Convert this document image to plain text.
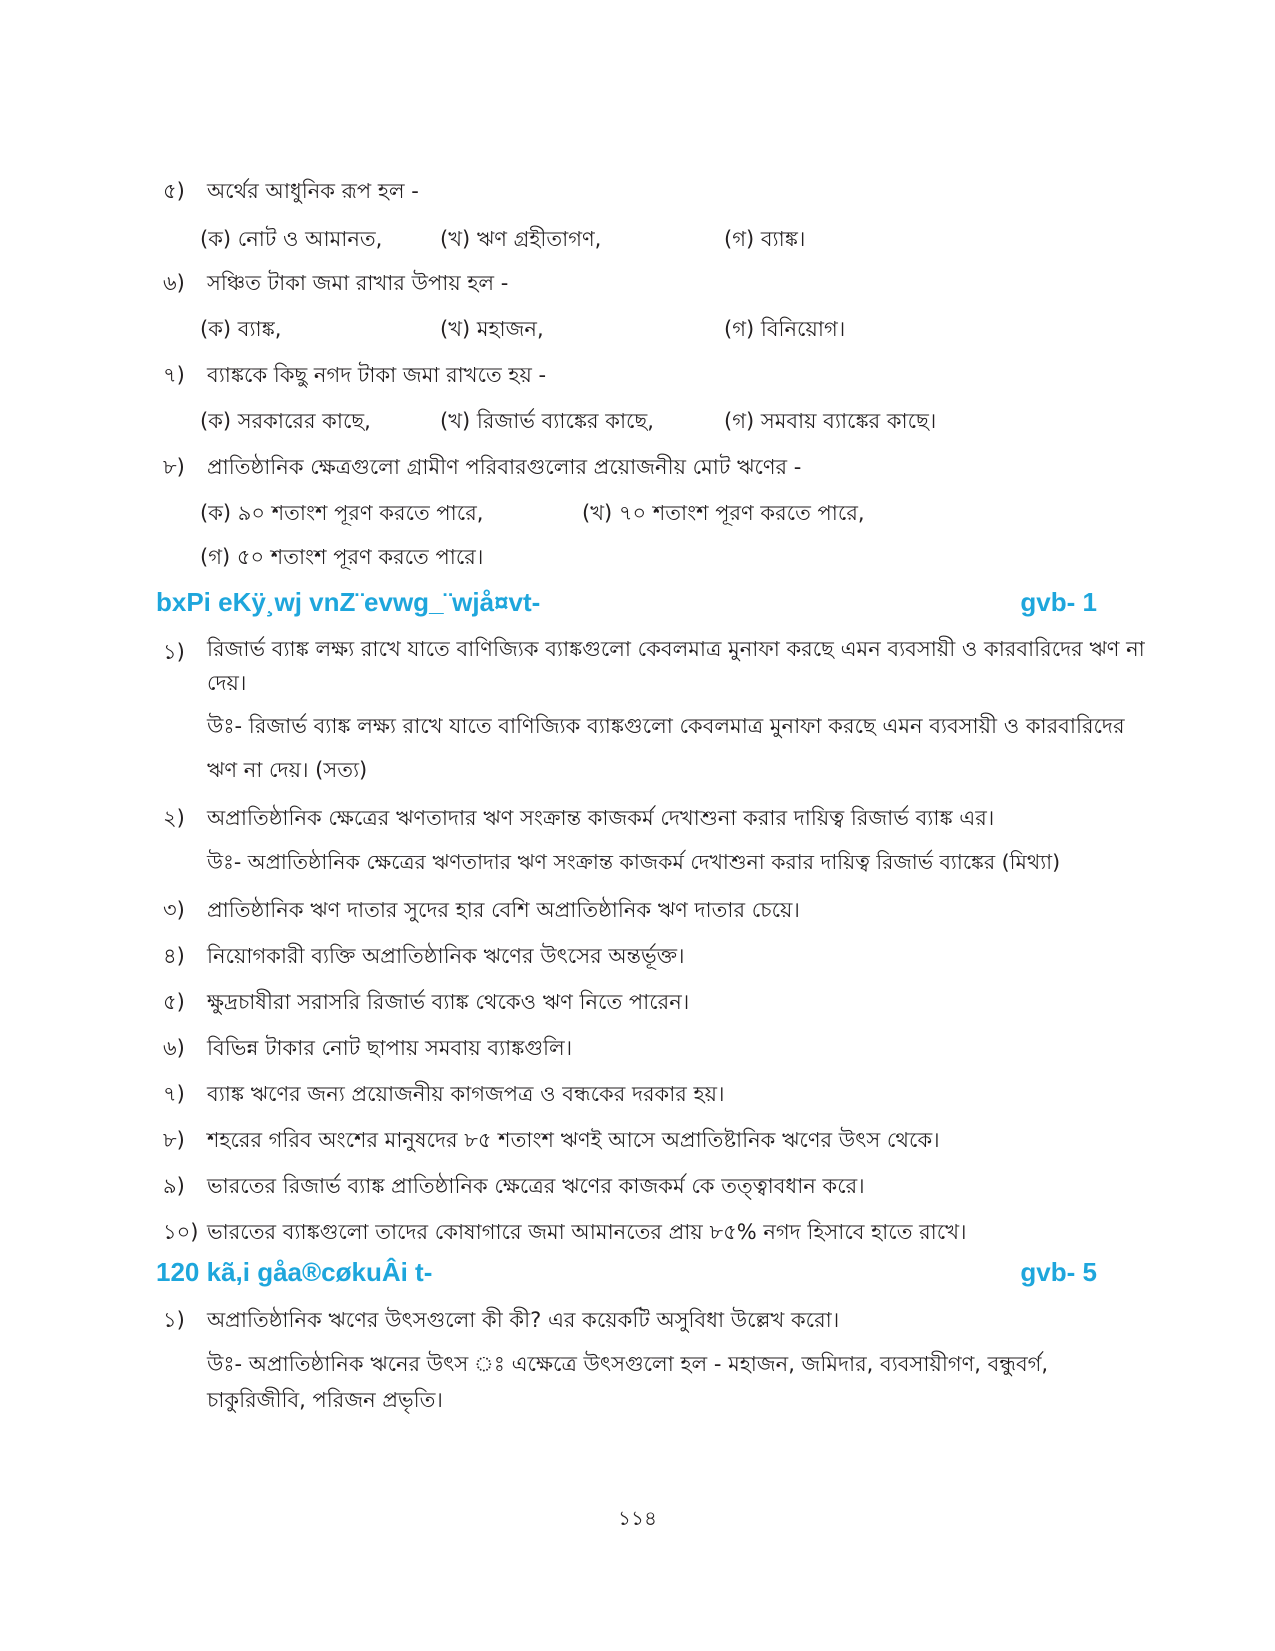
৫) অর্থের আধুনিক রূপ হল -
(ক) নোট ও আমানত,	(খ) ঋণ গ্রহীতাগণ,	(গ) ব্যাঙ্ক।
৬) সঞ্চিত টাকা জমা রাখার উপায় হল -
(ক) ব্যাঙ্ক,	(খ) মহাজন,	(গ) বিনিয়োগ।
৭) ব্যাঙ্ককে কিছু নগদ টাকা জমা রাখতে হয় -
(ক) সরকারের কাছে,	(খ) রিজার্ভ ব্যাঙ্কের কাছে,	(গ) সমবায় ব্যাঙ্কের কাছে।
৮) প্রাতিষ্ঠানিক ক্ষেত্রগুলো গ্রামীণ পরিবারগুলোর প্রয়োজনীয় মোট ঋণের -
(ক) ৯০ শতাংশ পূরণ করতে পারে,	(খ) ৭০ শতাংশ পূরণ করতে পারে,
(গ) ৫০ শতাংশ পূরণ করতে পারে।
bxPi eKÿ¸wj vnZ¨evwg_¨wjå¤vt-	gvb- 1
১) রিজার্ভ ব্যাঙ্ক লক্ষ্য রাখে যাতে বাণিজ্যিক ব্যাঙ্কগুলো কেবলমাত্র মুনাফা করছে এমন ব্যবসায়ী ও কারবারিদের ঋণ না দেয়।
উঃ- রিজার্ভ ব্যাঙ্ক লক্ষ্য রাখে যাতে বাণিজ্যিক ব্যাঙ্কগুলো কেবলমাত্র মুনাফা করছে এমন ব্যবসায়ী ও কারবারিদের ঋণ না দেয়। (সত্য)
২) অপ্রাতিষ্ঠানিক ক্ষেত্রের ঋণতাদার ঋণ সংক্রান্ত কাজকর্ম দেখাশুনা করার দায়িত্ব রিজার্ভ ব্যাঙ্ক এর।
উঃ- অপ্রাতিষ্ঠানিক ক্ষেত্রের ঋণতাদার ঋণ সংক্রান্ত কাজকর্ম দেখাশুনা করার দায়িত্ব রিজার্ভ ব্যাঙ্কের (মিথ্যা)
৩) প্রাতিষ্ঠানিক ঋণ দাতার সুদের হার বেশি অপ্রাতিষ্ঠানিক ঋণ দাতার চেয়ে।
৪) নিয়োগকারী ব্যক্তি অপ্রাতিষ্ঠানিক ঋণের উৎসের অন্তর্ভূক্ত।
৫) ক্ষুদ্রচাষীরা সরাসরি রিজার্ভ ব্যাঙ্ক থেকেও ঋণ নিতে পারেন।
৬) বিভিন্ন টাকার নোট ছাপায় সমবায় ব্যাঙ্কগুলি।
৭) ব্যাঙ্ক ঋণের জন্য প্রয়োজনীয় কাগজপত্র ও বন্ধকের দরকার হয়।
৮) শহরের গরিব অংশের মানুষদের ৮৫ শতাংশ ঋণই আসে অপ্রাতিষ্টানিক ঋণের উৎস থেকে।
৯) ভারতের রিজার্ভ ব্যাঙ্ক প্রাতিষ্ঠানিক ক্ষেত্রের ঋণের কাজকর্ম কে তত্ত্বাবধান করে।
১০) ভারতের ব্যাঙ্কগুলো তাদের কোষাগারে জমা আমানতের প্রায় ৮৫% নগদ হিসাবে হাতে রাখে।
120 kã,i gåa®cøkuÂi t-	gvb- 5
১) অপ্রাতিষ্ঠানিক ঋণের উৎসগুলো কী কী? এর কয়েকটি অসুবিধা উল্লেখ করো।
উঃ- অপ্রাতিষ্ঠানিক ঋনের উৎস ঃ এক্ষেত্রে উৎসগুলো হল - মহাজন, জমিদার, ব্যবসায়ীগণ, বন্ধুবর্গ, চাকুরিজীবি, পরিজন প্রভৃতি।
১১৪
